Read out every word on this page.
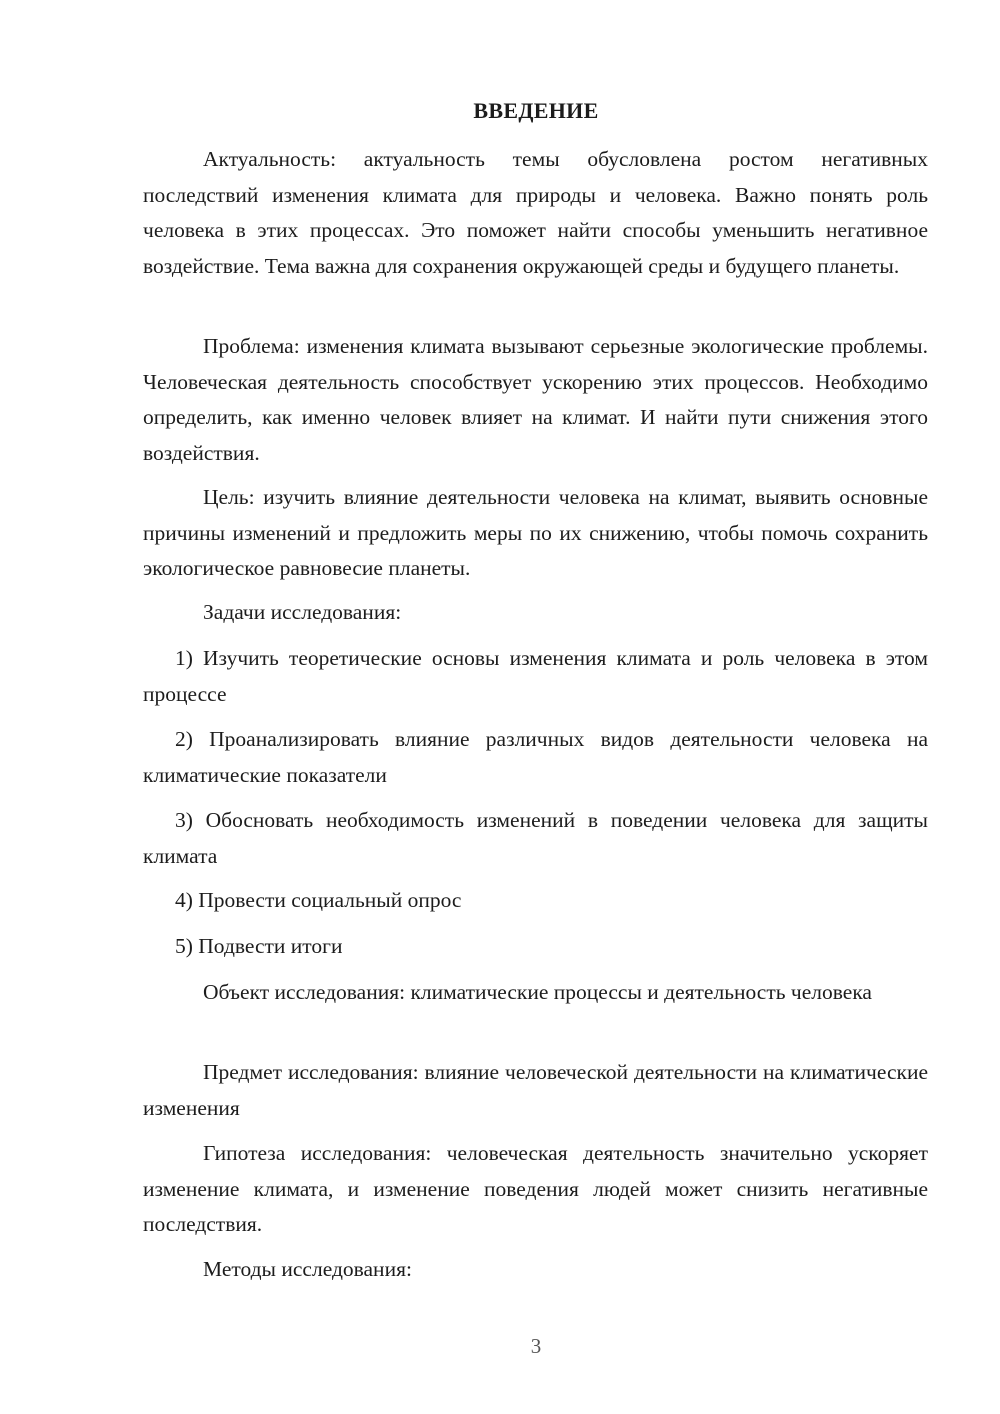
ВВЕДЕНИЕ

Актуальность: актуальность темы обусловлена ростом негативных последствий изменения климата для природы и человека. Важно понять роль человека в этих процессах. Это поможет найти способы уменьшить негативное воздействие. Тема важна для сохранения окружающей среды и будущего планеты.

Проблема: изменения климата вызывают серьезные экологические проблемы. Человеческая деятельность способствует ускорению этих процессов. Необходимо определить, как именно человек влияет на климат. И найти пути снижения этого воздействия.

Цель: изучить влияние деятельности человека на климат, выявить основные причины изменений и предложить меры по их снижению, чтобы помочь сохранить экологическое равновесие планеты.

Задачи исследования:

1) Изучить теоретические основы изменения климата и роль человека в этом процессе

2) Проанализировать влияние различных видов деятельности человека на климатические показатели

3) Обосновать необходимость изменений в поведении человека для защиты климата

4) Провести социальный опрос

5) Подвести итоги

Объект исследования: климатические процессы и деятельность человека

Предмет исследования: влияние человеческой деятельности на климатические изменения

Гипотеза исследования: человеческая деятельность значительно ускоряет изменение климата, и изменение поведения людей может снизить негативные последствия.

Методы исследования:

3
